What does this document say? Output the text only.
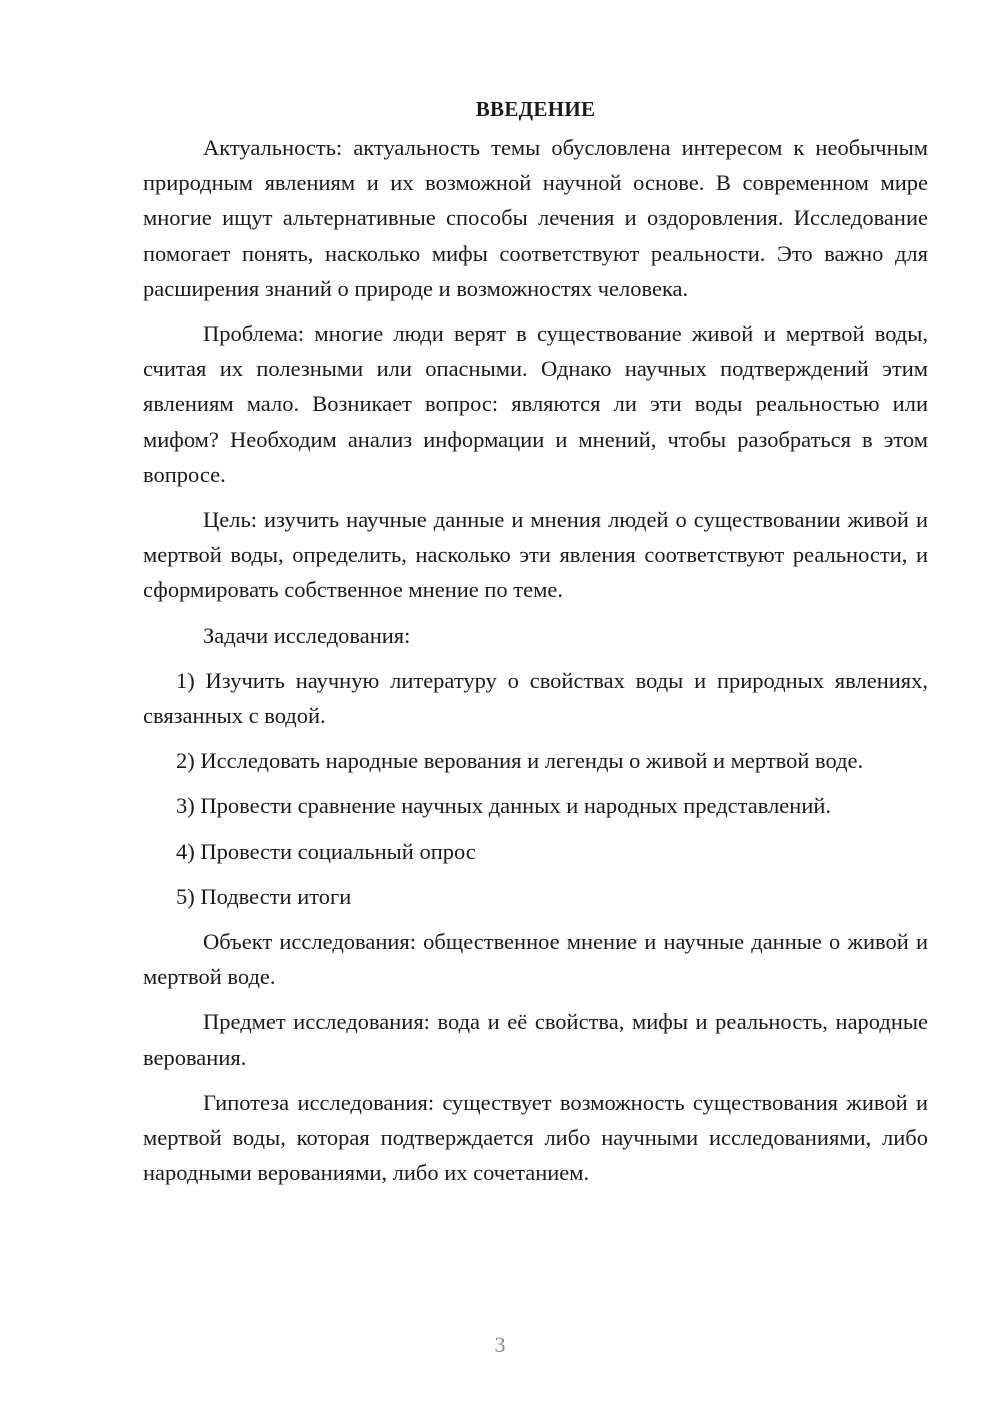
ВВЕДЕНИЕ

Актуальность: актуальность темы обусловлена интересом к необычным природным явлениям и их возможной научной основе. В современном мире многие ищут альтернативные способы лечения и оздоровления. Исследование помогает понять, насколько мифы соответствуют реальности. Это важно для расширения знаний о природе и возможностях человека.

Проблема: многие люди верят в существование живой и мертвой воды, считая их полезными или опасными. Однако научных подтверждений этим явлениям мало. Возникает вопрос: являются ли эти воды реальностью или мифом? Необходим анализ информации и мнений, чтобы разобраться в этом вопросе.

Цель: изучить научные данные и мнения людей о существовании живой и мертвой воды, определить, насколько эти явления соответствуют реальности, и сформировать собственное мнение по теме.

Задачи исследования:

1) Изучить научную литературу о свойствах воды и природных явлениях, связанных с водой.

2) Исследовать народные верования и легенды о живой и мертвой воде.

3) Провести сравнение научных данных и народных представлений.

4) Провести социальный опрос

5) Подвести итоги

Объект исследования: общественное мнение и научные данные о живой и мертвой воде.

Предмет исследования: вода и её свойства, мифы и реальность, народные верования.

Гипотеза исследования: существует возможность существования живой и мертвой воды, которая подтверждается либо научными исследованиями, либо народными верованиями, либо их сочетанием.

3
